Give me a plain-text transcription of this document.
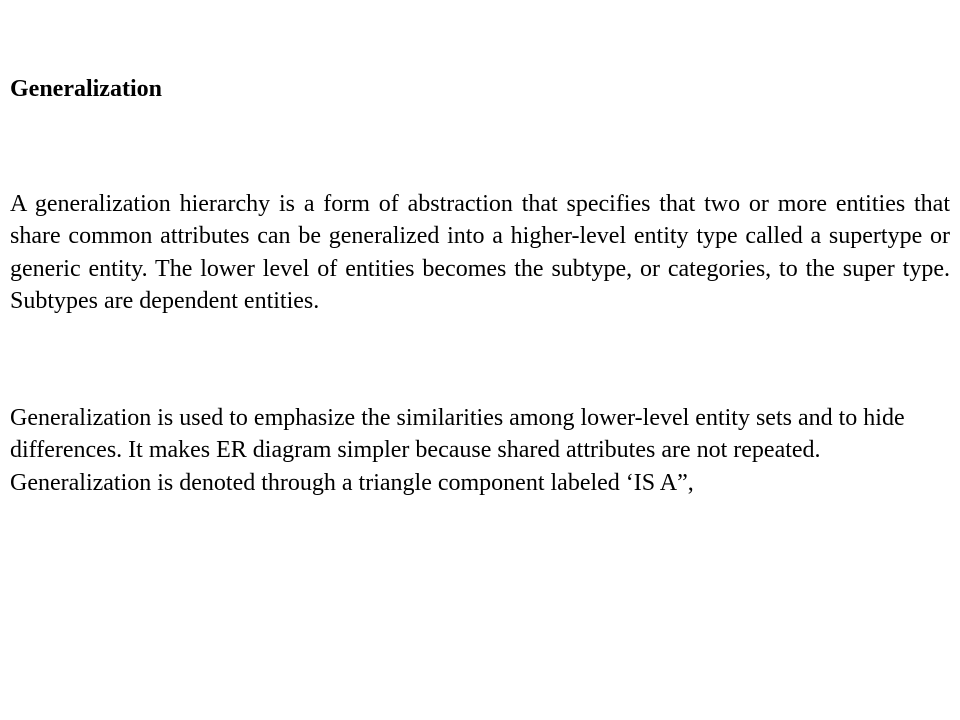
Generalization

A generalization hierarchy is a form of abstraction that specifies that two or more entities that share common attributes can be generalized into a higher-level entity type called a supertype or generic entity. The lower level of entities becomes the subtype, or categories, to the super type. Subtypes are dependent entities.

Generalization is used to emphasize the similarities among lower-level entity sets and to hide differences. It makes ER diagram simpler because shared attributes are not repeated. Generalization is denoted through a triangle component labeled ‘IS A”,
